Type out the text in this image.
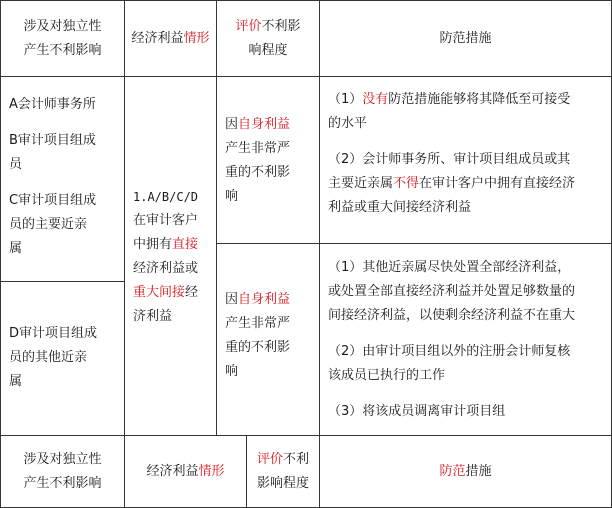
涉及对独立性
产生不利影响
经济利益情形
评价不利影
响程度
防范措施
A会计师事务所
B审计项目组成
员
C审计项目组成
员的主要近亲
属
D审计项目组成
员的其他近亲
属
1.A/B/C/D
在审计客户
中拥有直接
经济利益或
重大间接经
济利益
因自身利益
产生非常严
重的不利影
响
因自身利益
产生非常严
重的不利影
响
（1）没有防范措施能够将其降低至可接受
的水平
（2）会计师事务所、审计项目组成员或其
主要近亲属不得在审计客户中拥有直接经济
利益或重大间接经济利益
（1）其他近亲属尽快处置全部经济利益，
或处置全部直接经济利益并处置足够数量的
间接经济利益，以使剩余经济利益不在重大
（2）由审计项目组以外的注册会计师复核
该成员已执行的工作
（3）将该成员调离审计项目组
涉及对独立性
产生不利影响
经济利益情形
评价不利
影响程度
防范措施
